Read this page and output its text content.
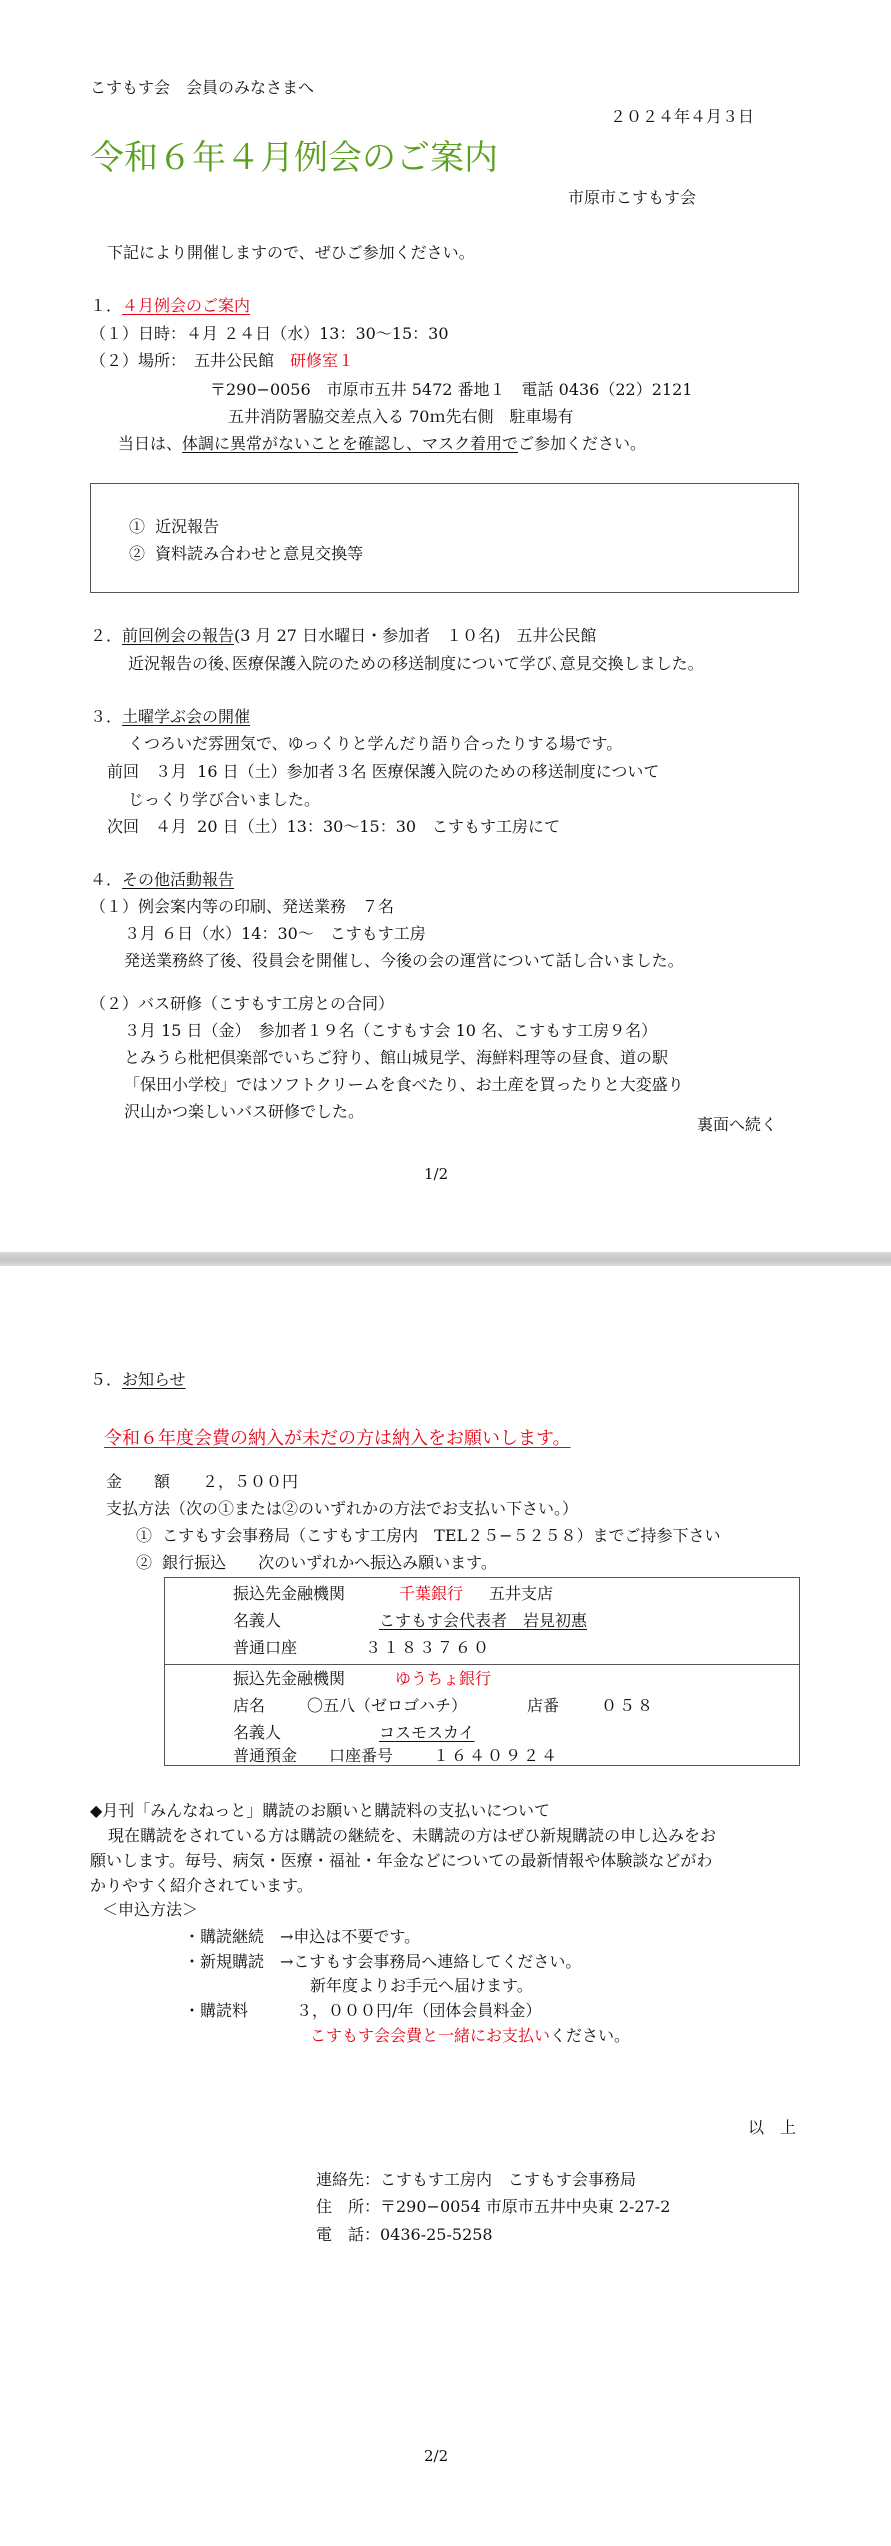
こすもす会　会員のみなさまへ
２０２４年４月３日
令和６年４月例会のご案内
市原市こすもす会
下記により開催しますので、ぜひご参加ください。
１．４月例会のご案内
（１）日時：４月 ２４日（水）13：30〜15：30
（２）場所：　五井公民館　 研修室１
〒290−0056　市原市五井 5472 番地１　電話 0436（22）2121
五井消防署脇交差点入る 70ｍ先右側　駐車場有
当日は、体調に異常がないことを確認し、マスク着用でご参加ください。
①  近況報告
②  資料読み合わせと意見交換等
２．前回例会の報告(3 月 27 日水曜日・参加者　１０名)　五井公民館
近況報告の後､医療保護入院のための移送制度について学び､意見交換しました｡
３．土曜学ぶ会の開催
くつろいだ雰囲気で、ゆっくりと学んだり語り合ったりする場です。
前回　３月  16 日（土）参加者３名 医療保護入院のための移送制度について
じっくり学び合いました。
次回　４月  20 日（土）13：30〜15：30　こすもす工房にて
４．その他活動報告
（１）例会案内等の印刷、発送業務　７名
３月 ６日（水）14：30〜　こすもす工房
発送業務終了後、役員会を開催し、今後の会の運営について話し合いました。
（２）バス研修（こすもす工房との合同）
３月 15 日（金）　参加者１９名（こすもす会 10 名、こすもす工房９名）
とみうら枇杷倶楽部でいちご狩り、館山城見学、海鮮料理等の昼食、道の駅
「保田小学校」ではソフトクリームを食べたり、お土産を買ったりと大変盛り
沢山かつ楽しいバス研修でした。
裏面へ続く
1/2
５．お知らせ
令和６年度会費の納入が未だの方は納入をお願いします。
金　　額　　 ２，５００円
支払方法（次の①または②のいずれかの方法でお支払い下さい。）
①  こすもす会事務局（こすもす工房内　TEL２５−５２５８）までご持参下さい
②  銀行振込　　次のいずれかへ振込み願います。
振込先金融機関	千葉銀行 五井支店
名義人	こすもす会代表者　岩見初惠
普通口座	３１８３７６０
振込先金融機関	ゆうちょ銀行
店名	〇五八（ゼロゴハチ）	店番	０５８
名義人	コスモスカイ
普通預金　　口座番号 １６４０９２４
◆月刊「みんなねっと」購読のお願いと購読料の支払いについて
現在購読をされている方は購読の継続を、未購読の方はぜひ新規購読の申し込みをお
願いします。毎号、病気・医療・福祉・年金などについての最新情報や体験談などがわ
かりやすく紹介されています。
＜申込方法＞
・購読継続　→申込は不要です。
・新規購読　→こすもす会事務局へ連絡してください。
新年度よりお手元へ届けます。
・購読料　　　３，０００円/年（団体会員料金）
こすもす会会費と一緒にお支払いください。
以　上
連絡先：こすもす工房内　こすもす会事務局
住　所：〒290−0054 市原市五井中央東 2-27-2
電　話：0436-25-5258
2/2
